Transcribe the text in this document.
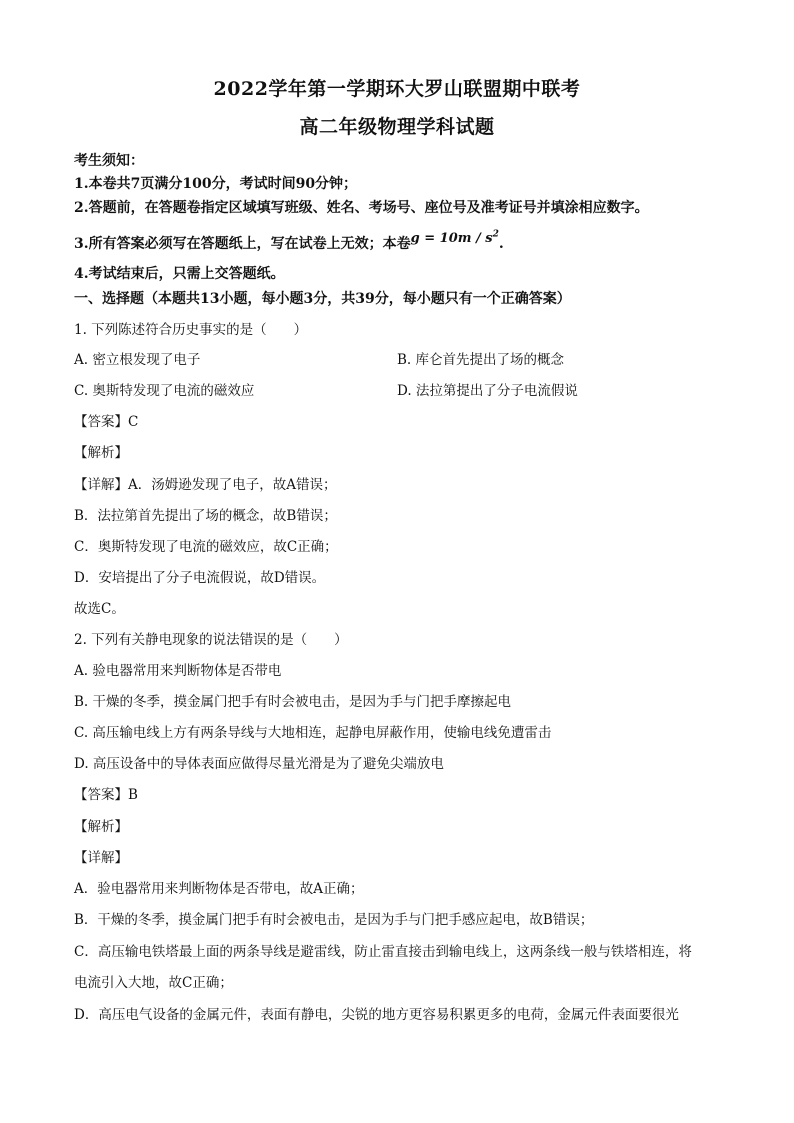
2022学年第一学期环大罗山联盟期中联考
高二年级物理学科试题
考生须知：
1.本卷共7页满分100分，考试时间90分钟；
2.答题前，在答题卷指定区域填写班级、姓名、考场号、座位号及准考证号并填涂相应数字。
3.所有答案必须写在答题纸上，写在试卷上无效；本卷$g = 10m / s^2$.
4.考试结束后，只需上交答题纸。
一、选择题（本题共13小题，每小题3分，共39分，每小题只有一个正确答案）
1. 下列陈述符合历史事实的是（　　）
A. 密立根发现了电子	B. 库仑首先提出了场的概念
C. 奥斯特发现了电流的磁效应	D. 法拉第提出了分子电流假说
【答案】C
【解析】
【详解】A．汤姆逊发现了电子，故A错误；
B．法拉第首先提出了场的概念，故B错误；
C．奥斯特发现了电流的磁效应，故C正确；
D．安培提出了分子电流假说，故D错误。
故选C。
2. 下列有关静电现象的说法错误的是（　　）
A. 验电器常用来判断物体是否带电
B. 干燥的冬季，摸金属门把手有时会被电击，是因为手与门把手摩擦起电
C. 高压输电线上方有两条导线与大地相连，起静电屏蔽作用，使输电线免遭雷击
D. 高压设备中的导体表面应做得尽量光滑是为了避免尖端放电
【答案】B
【解析】
【详解】
A．验电器常用来判断物体是否带电，故A正确；
B．干燥的冬季，摸金属门把手有时会被电击，是因为手与门把手感应起电，故B错误；
C．高压输电铁塔最上面的两条导线是避雷线，防止雷直接击到输电线上，这两条线一般与铁塔相连，将
电流引入大地，故C正确；
D．高压电气设备的金属元件，表面有静电，尖锐的地方更容易积累更多的电荷，金属元件表面要很光
